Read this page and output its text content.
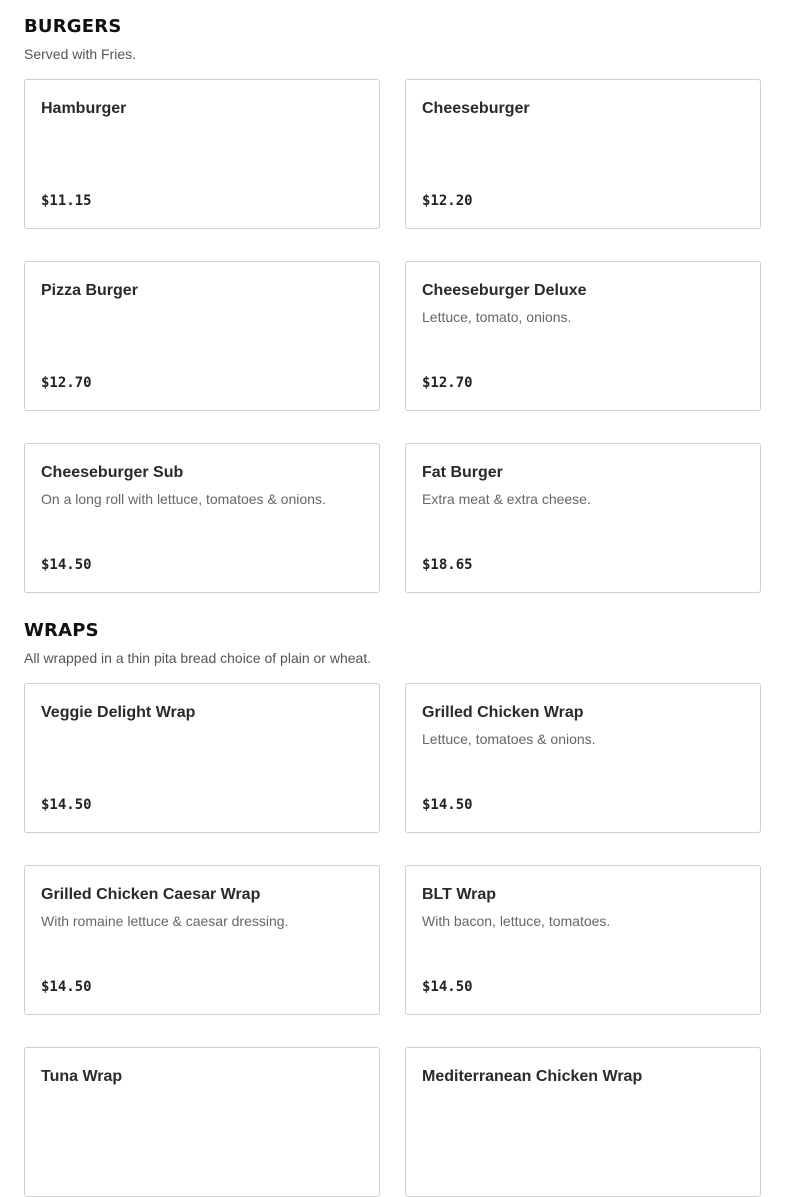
BURGERS

Served with Fries.

Hamburger
$11.15
Cheeseburger
$12.20
Pizza Burger
$12.70
Cheeseburger Deluxe
Lettuce, tomato, onions.
$12.70
Cheeseburger Sub
On a long roll with lettuce, tomatoes & onions.
$14.50
Fat Burger
Extra meat & extra cheese.
$18.65
WRAPS

All wrapped in a thin pita bread choice of plain or wheat.

Veggie Delight Wrap
$14.50
Grilled Chicken Wrap
Lettuce, tomatoes & onions.
$14.50
Grilled Chicken Caesar Wrap
With romaine lettuce & caesar dressing.
$14.50
BLT Wrap
With bacon, lettuce, tomatoes.
$14.50
Tuna Wrap	Mediterranean Chicken Wrap
